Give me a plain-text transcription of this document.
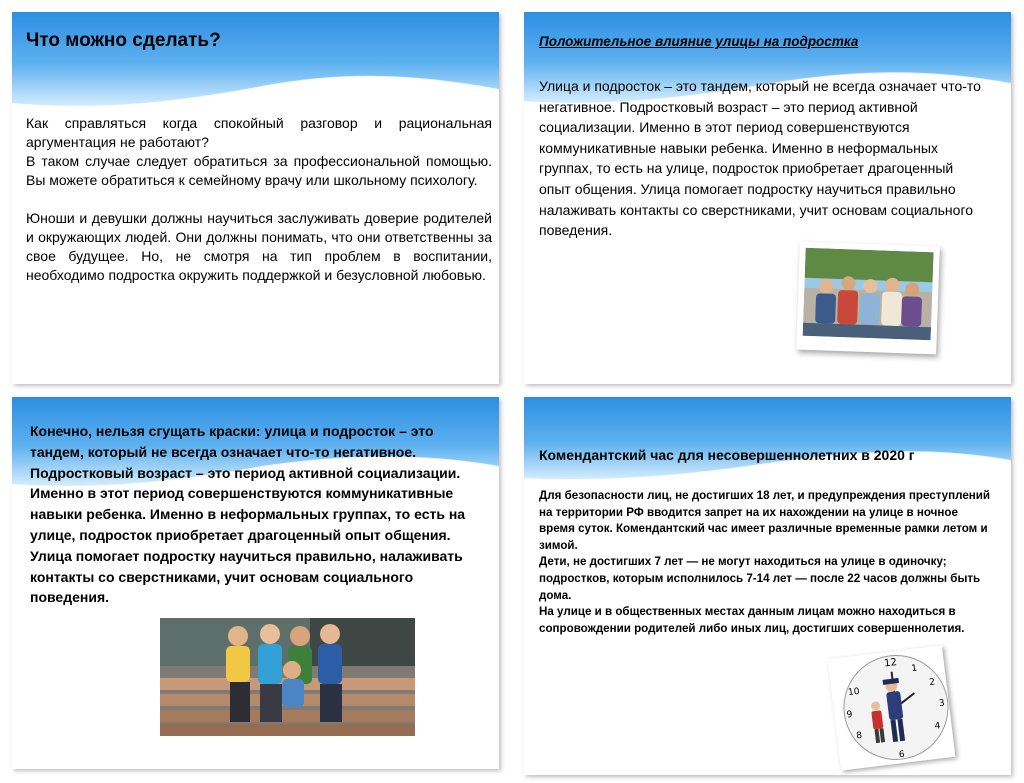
Что можно сделать?

Как справляться когда спокойный разговор и рациональная аргументация не работают?

В таком случае следует обратиться за профессиональной помощью. Вы можете обратиться к семейному врачу или школьному психологу.

Юноши и девушки должны научиться заслуживать доверие родителей и окружающих людей. Они должны понимать, что они ответственны за свое будущее. Но, не смотря на тип проблем в воспитании, необходимо подростка окружить поддержкой и безусловной любовью.

Положительное влияние улицы на подростка

Улица и подросток – это тандем, который не всегда означает что-то негативное. Подростковый возраст – это период активной социализации. Именно в этот период совершенствуются коммуникативные навыки ребенка. Именно в неформальных группах, то есть на улице, подросток приобретает драгоценный опыт общения. Улица помогает подростку научиться правильно налаживать контакты со сверстниками, учит основам социального поведения.

Конечно, нельзя сгущать краски: улица и подросток – это тандем, который не всегда означает что-то негативное. Подростковый возраст – это период активной социализации. Именно в этот период совершенствуются коммуникативные навыки ребенка. Именно в неформальных группах, то есть на улице, подросток приобретает драгоценный опыт общения. Улица помогает подростку научиться правильно, налаживать контакты со сверстниками, учит основам социального поведения.

Комендантский час для несовершеннолетних в 2020 г

Для безопасности лиц, не достигших 18 лет, и предупреждения преступлений на территории РФ вводится запрет на их нахождении на улице в ночное время суток. Комендантский час имеет различные временные рамки летом и зимой.

Дети, не достигших 7 лет — не могут находиться на улице в одиночку; подростков, которым исполнилось 7-14 лет — после 22 часов должны быть дома.

На улице и в общественных местах данным лицам можно находиться в сопровождении родителей либо иных лиц, достигших совершеннолетия.

12 1
2
3
4
6
8
9
10
